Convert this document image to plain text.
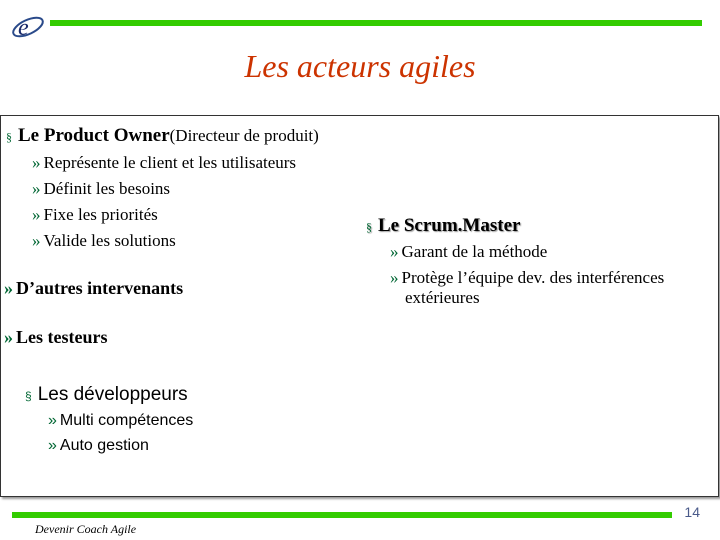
e
Les acteurs agiles
§ Le Product Owner(Directeur de produit)
» Représente le client et les utilisateurs
» Définit les besoins
» Fixe les priorités
» Valide les solutions
§ Le Scrum.Master
» Garant de la méthode
» Protège l’équipe dev. des interférences
extérieures
» D’autres intervenants
» Les testeurs
§ Les développeurs
» Multi compétences
» Auto gestion
14
Devenir Coach Agile
